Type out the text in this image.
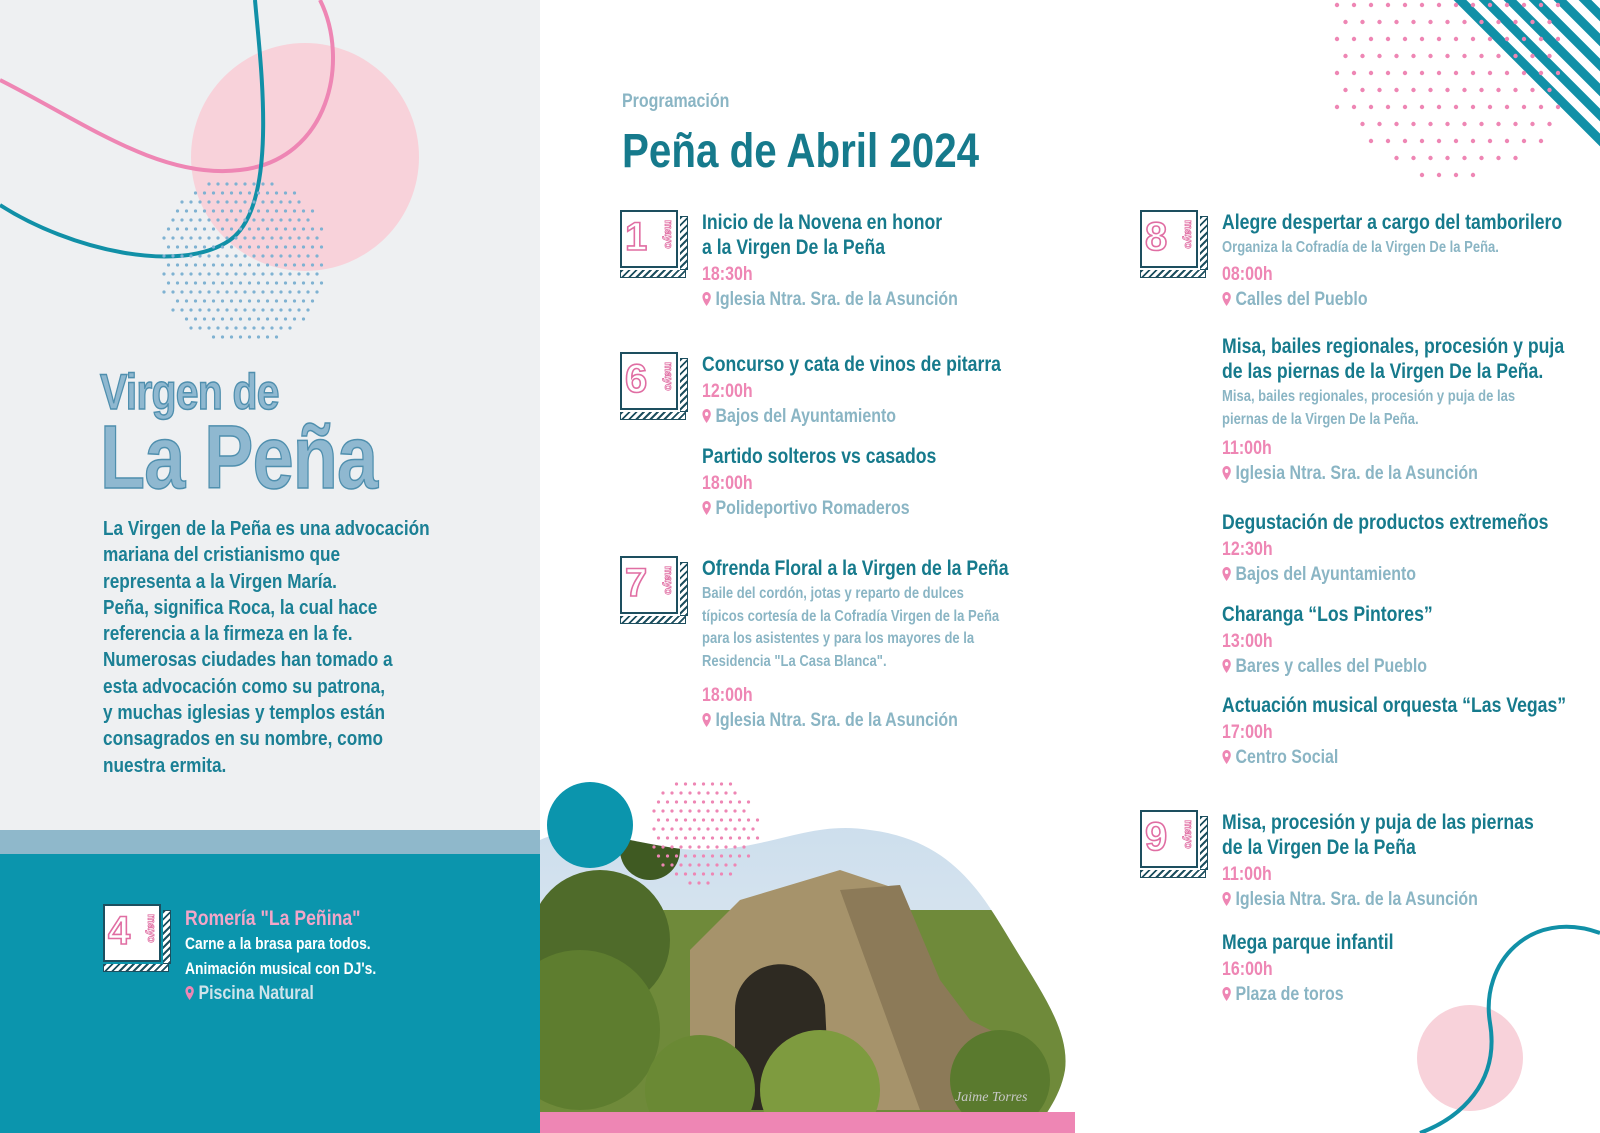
Virgen de
La Peña

La Virgen de la Peña es una advocación

mariana del cristianismo que

representa a la Virgen María.

Peña, significa Roca, la cual hace

referencia a la firmeza en la fe.

Numerosas ciudades han tomado a

esta advocación como su patrona,

y muchas iglesias y templos están

consagrados en su nombre, como

nuestra ermita.

4 mayo Romería "La Peñina"
Carne a la brasa para todos.
Animación musical con DJ's.
Piscina Natural
Programación
Peña de Abril 2024
1 mayo Inicio de la Novena en honor
a la Virgen De la Peña
18:30h
Iglesia Ntra. Sra. de la Asunción
6 mayo Concurso y cata de vinos de pitarra
12:00h
Bajos del Ayuntamiento
Partido solteros vs casados
18:00h
Polideportivo Romaderos
7 mayo Ofrenda Floral a la Virgen de la Peña
Baile del cordón, jotas y reparto de dulces
típicos cortesía de la Cofradía Virgen de la Peña
para los asistentes y para los mayores de la
Residencia "La Casa Blanca".
18:00h
Iglesia Ntra. Sra. de la Asunción
8 mayo Alegre despertar a cargo del tamborilero
Organiza la Cofradía de la Virgen De la Peña.
08:00h
Calles del Pueblo
Misa, bailes regionales, procesión y puja
de las piernas de la Virgen De la Peña.
Misa, bailes regionales, procesión y puja de las
piernas de la Virgen De la Peña.
11:00h
Iglesia Ntra. Sra. de la Asunción
Degustación de productos extremeños
12:30h
Bajos del Ayuntamiento
Charanga “Los Pintores”
13:00h
Bares y calles del Pueblo
Actuación musical orquesta “Las Vegas”
17:00h
Centro Social
9 mayo Misa, procesión y puja de las piernas
de la Virgen De la Peña
11:00h
Iglesia Ntra. Sra. de la Asunción
Mega parque infantil
16:00h
Plaza de toros
Jaime Torres
